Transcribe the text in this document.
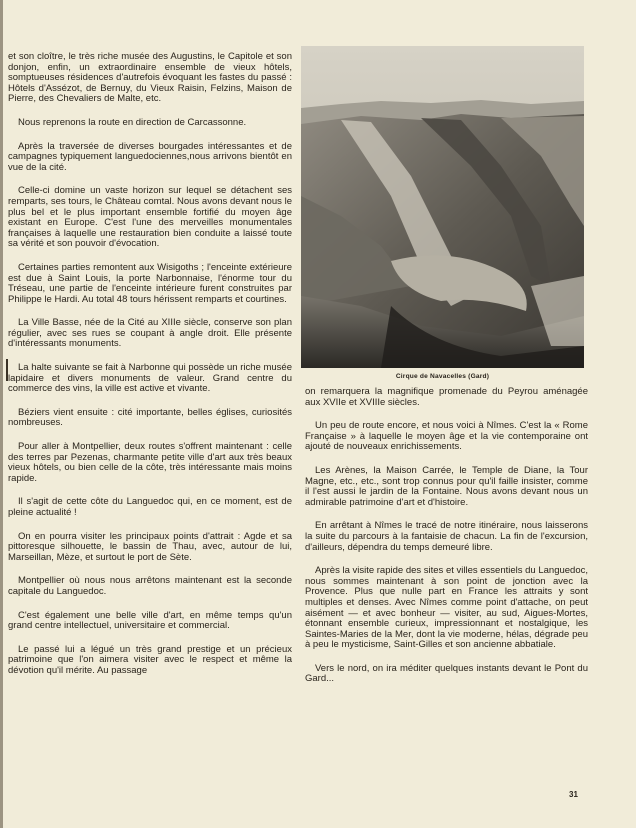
et son cloître, le très riche musée des Augustins, le Capitole et son donjon, enfin, un extraordinaire ensemble de vieux hôtels, somptueuses résidences d'autrefois évoquant les fastes du passé : Hôtels d'Assézot, de Bernuy, du Vieux Raisin, Felzins, Maison de Pierre, des Chevaliers de Malte, etc.

Nous reprenons la route en direction de Carcassonne.

Après la traversée de diverses bourgades intéressantes et de campagnes typiquement languedociennes,nous arrivons bientôt en vue de la cité.

Celle-ci domine un vaste horizon sur lequel se détachent ses remparts, ses tours, le Château comtal. Nous avons devant nous le plus bel et le plus important ensemble fortifié du moyen âge existant en Europe. C'est l'une des merveilles monumentales françaises à laquelle une restauration bien conduite a laissé toute sa vérité et son pouvoir d'évocation.

Certaines parties remontent aux Wisigoths ; l'enceinte extérieure est due à Saint Louis, la porte Narbonnaise, l'énorme tour du Tréseau, une partie de l'enceinte intérieure furent construites par Philippe le Hardi. Au total 48 tours hérissent remparts et courtines.

La Ville Basse, née de la Cité au XIIIe siècle, conserve son plan régulier, avec ses rues se coupant à angle droit. Elle présente d'intéressants monuments.

La halte suivante se fait à Narbonne qui possède un riche musée lapidaire et divers monuments de valeur. Grand centre du commerce des vins, la ville est active et vivante.

Béziers vient ensuite : cité importante, belles églises, curiosités nombreuses.

Pour aller à Montpellier, deux routes s'offrent maintenant : celle des terres par Pezenas, charmante petite ville d'art aux très beaux vieux hôtels, ou bien celle de la côte, très intéressante mais moins rapide.

Il s'agit de cette côte du Languedoc qui, en ce moment, est de pleine actualité !

On en pourra visiter les principaux points d'attrait : Agde et sa pittoresque silhouette, le bassin de Thau, avec, autour de lui, Marseillan, Mèze, et surtout le port de Sète.

Montpellier où nous nous arrêtons maintenant est la seconde capitale du Languedoc.

C'est également une belle ville d'art, en même temps qu'un grand centre intellectuel, universitaire et commercial.

Le passé lui a légué un très grand prestige et un précieux patrimoine que l'on aimera visiter avec le respect et même la dévotion qu'il mérite. Au passage

Cirque de Navacelles (Gard)

on remarquera la magnifique promenade du Peyrou aménagée aux XVIIe et XVIIIe siècles.

Un peu de route encore, et nous voici à Nîmes. C'est la « Rome Française » à laquelle le moyen âge et la vie contemporaine ont ajouté de nouveaux enrichissements.

Les Arènes, la Maison Carrée, le Temple de Diane, la Tour Magne, etc., etc., sont trop connus pour qu'il faille insister, comme il l'est aussi le jardin de la Fontaine. Nous avons devant nous un admirable patrimoine d'art et d'histoire.

En arrêtant à Nîmes le tracé de notre itinéraire, nous laisserons la suite du parcours à la fantaisie de chacun. La fin de l'excursion, d'ailleurs, dépendra du temps demeuré libre.

Après la visite rapide des sites et villes essentiels du Languedoc, nous sommes maintenant à son point de jonction avec la Provence. Plus que nulle part en France les attraits y sont multiples et denses. Avec Nîmes comme point d'attache, on peut aisément — et avec bonheur — visiter, au sud, Aigues-Mortes, étonnant ensemble curieux, impressionnant et nostalgique, les Saintes-Maries de la Mer, dont la vie moderne, hélas, dégrade peu à peu le mysticisme, Saint-Gilles et son ancienne abbatiale.

Vers le nord, on ira méditer quelques instants devant le Pont du Gard...

31
